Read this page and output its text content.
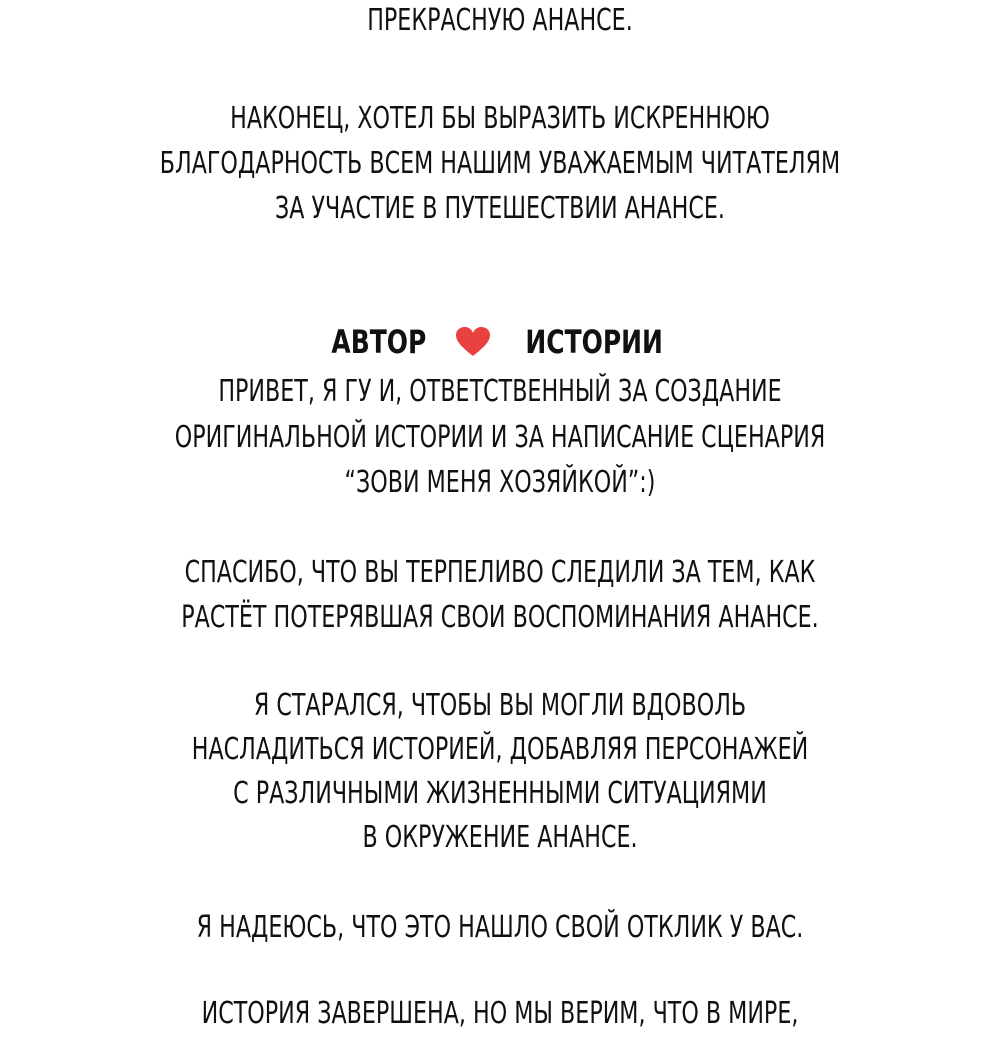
ПРЕКРАСНУЮ АНАНСЕ.
НАКОНЕЦ, ХОТЕЛ БЫ ВЫРАЗИТЬ ИСКРЕННЮЮ
БЛАГОДАРНОСТЬ ВСЕМ НАШИМ УВАЖАЕМЫМ ЧИТАТЕЛЯМ
ЗА УЧАСТИЕ В ПУТЕШЕСТВИИ АНАНСЕ.
АВТОР	ИСТОРИИ
ПРИВЕТ, Я ГУ И, ОТВЕТСТВЕННЫЙ ЗА СОЗДАНИЕ
ОРИГИНАЛЬНОЙ ИСТОРИИ И ЗА НАПИСАНИЕ СЦЕНАРИЯ
“ЗОВИ МЕНЯ ХОЗЯЙКОЙ”:)
СПАСИБО, ЧТО ВЫ ТЕРПЕЛИВО СЛЕДИЛИ ЗА ТЕМ, КАК
РАСТЁТ ПОТЕРЯВШАЯ СВОИ ВОСПОМИНАНИЯ АНАНСЕ.
Я СТАРАЛСЯ, ЧТОБЫ ВЫ МОГЛИ ВДОВОЛЬ
НАСЛАДИТЬСЯ ИСТОРИЕЙ, ДОБАВЛЯЯ ПЕРСОНАЖЕЙ
С РАЗЛИЧНЫМИ ЖИЗНЕННЫМИ СИТУАЦИЯМИ
В ОКРУЖЕНИЕ АНАНСЕ.
Я НАДЕЮСЬ, ЧТО ЭТО НАШЛО СВОЙ ОТКЛИК У ВАС.
ИСТОРИЯ ЗАВЕРШЕНА, НО МЫ ВЕРИМ, ЧТО В МИРЕ,
